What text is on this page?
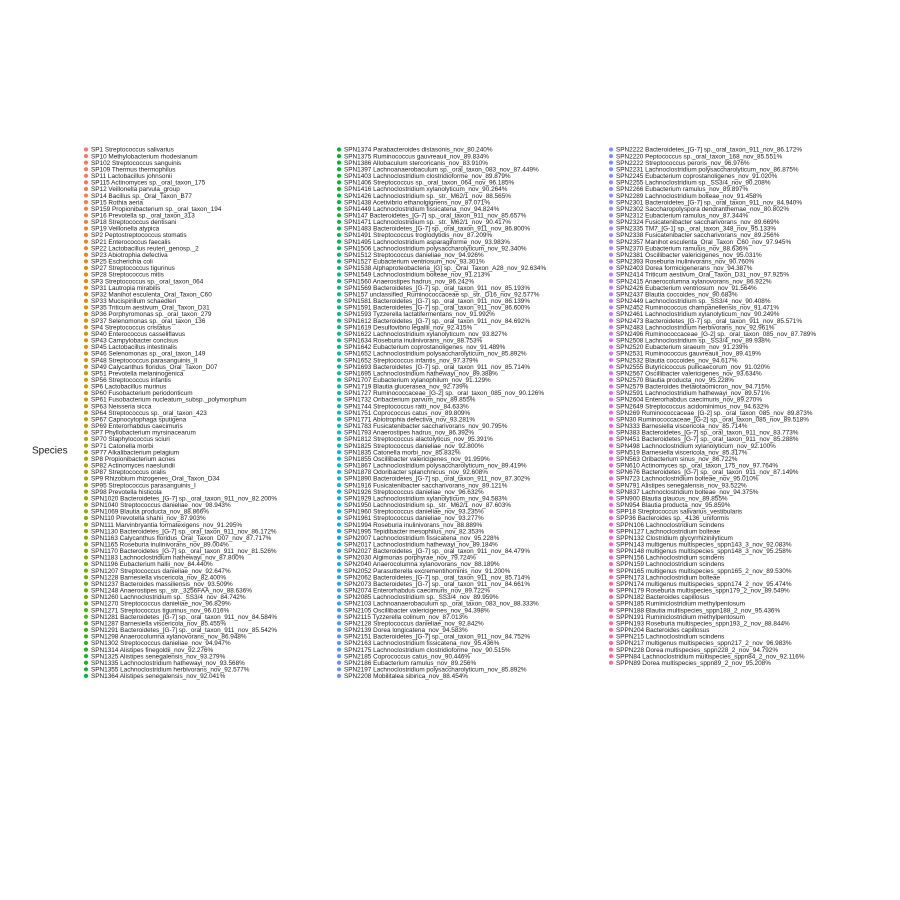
Species
SP1 Streptococcus salivarius
SP10 Methylobacterium rhodesianum
SP102 Streptococcus sanguinis
SP109 Thermus thermophilus
SP11 Lactobacillus johnsonii
SP115 Actinomyces sp._oral_taxon_175
SP12 Veillonella parvula_group
SP14 Bacillus sp._Oral_Taxon_B77
SP15 Rothia aeria
SP159 Propionibacterium sp._oral_taxon_194
SP16 Prevotella sp._oral_taxon_313
SP18 Streptococcus dentisani
SP19 Veillonella atypica
SP2 Peptostreptococcus stomatis
SP21 Enterococcus faecalis
SP22 Lactobacillus reuteri_genosp._2
SP23 Abiotrophia defectiva
SP25 Escherichia coli
SP27 Streptococcus tigurinus
SP28 Streptococcus mitis
SP3 Streptococcus sp._oral_taxon_064
SP31 Lautropia mirabilis
SP32 Manihot esculenta_Oral_Taxon_C60
SP33 Mucispirillum schaedleri
SP35 Triticum aestivum_Oral_Taxon_D31
SP36 Porphyromonas sp._oral_taxon_279
SP37 Selenomonas sp._oral_taxon_136
SP4 Streptococcus cristatus
SP40 Enterococcus casseliflavus
SP43 Campylobacter concisus
SP45 Lactobacillus intestinalis
SP46 Selenomonas sp._oral_taxon_149
SP48 Streptococcus parasanguinis_II
SP49 Calycanthus floridus_Oral_Taxon_D07
SP51 Prevotella melaninogenica
SP56 Streptococcus infantis
SP6 Lactobacillus murinus
SP60 Fusobacterium periodonticum
SP61 Fusobacterium nucleatum_subsp._polymorphum
SP63 Neisseria sicca
SP64 Streptococcus sp._oral_taxon_423
SP67 Capnocytophaga sputigena
SP69 Enterorhabdus caecimuris
SP7 Phyllobacterium myrsinacearum
SP70 Staphylococcus sciuri
SP71 Catonella morbi
SP77 Alkalibacterium pelagium
SP8 Propionibacterium acnes
SP82 Actinomyces naeslundii
SP87 Streptococcus oralis
SP9 Rhizobium rhizogenes_Oral_Taxon_D34
SP95 Streptococcus parasanguinis_I
SP98 Prevotella histicola
SPN1020 Bacteroidetes_[G-7] sp._oral_taxon_911_nov_82.200%
SPN1040 Streptococcus danieliae_nov_98.943%
SPN1069 Blautia producta_nov_88.866%
SPN110 Prevotella shahii_nov_87.903%
SPN111 Marvinbryantia formatexigens_nov_91.295%
SPN1130 Bacteroidetes_[G-7] sp._oral_taxon_911_nov_86.172%
SPN1163 Calycanthus floridus_Oral_Taxon_D07_nov_87.717%
SPN1165 Roseburia inulinivorans_nov_89.004%
SPN1170 Bacteroidetes_[G-7] sp._oral_taxon_911_nov_81.526%
SPN1183 Lachnoclostridium hathewayi_nov_87.800%
SPN1196 Eubacterium hallii_nov_84.440%
SPN1207 Streptococcus danieliae_nov_92.647%
SPN1228 Barnesiella viscericola_nov_82.400%
SPN1237 Bacteroides massiliensis_nov_93.509%
SPN1248 Anaerostipes sp._str._3256FAA_nov_88.636%
SPN1260 Lachnoclostridium sp._SS3/4_nov_84.742%
SPN1270 Streptococcus danieliae_nov_96.829%
SPN1271 Streptococcus tigurinus_nov_96.016%
SPN1281 Bacteroidetes_[G-7] sp._oral_taxon_911_nov_84.584%
SPN1287 Barnesiella viscericola_nov_85.455%
SPN1291 Bacteroidetes_[G-7] sp._oral_taxon_911_nov_85.542%
SPN1298 Anaerocolumna xylanovorans_nov_86.948%
SPN1302 Streptococcus danieliae_nov_94.947%
SPN1314 Alistipes finegoldii_nov_92.276%
SPN1325 Alistipes senegalensis_nov_93.279%
SPN1335 Lachnoclostridium hathewayi_nov_93.568%
SPN1355 Lachnoclostridium herbivorans_nov_92.577%
SPN1364 Alistipes senegalensis_nov_92.041%
SPN1374 Parabacteroides distasonis_nov_80.240%
SPN1375 Ruminococcus gauvreauii_nov_89.834%
SPN1386 Allobaculum stercoricanis_nov_83.910%
SPN1397 Lachnoanaerobaculum sp._oral_taxon_083_nov_87.449%
SPN1403 Lachnoclostridium clostridioforme_nov_89.879%
SPN1406 Streptococcus sp._oral_taxon_064_nov_96.185%
SPN1416 Lachnoclostridium xylanolyticum_nov_90.264%
SPN1426 Lachnoclostridium sp._str._M62/1_nov_88.565%
SPN1438 Acetivibrio ethanolgignens_nov_87.071%
SPN1449 Lachnoclostridium fissicatena_nov_94.824%
SPN147 Bacteroidetes_[G-7] sp._oral_taxon_911_nov_85.657%
SPN1471 Lachnoclostridium sp._str._M62/1_nov_90.417%
SPN1483 Bacteroidetes_[G-7] sp._oral_taxon_911_nov_86.800%
SPN1491 Streptococcus troglodytidis_nov_87.209%
SPN1495 Lachnoclostridium asparagiforme_nov_93.983%
SPN1506 Lachnoclostridium polysaccharolyticum_nov_92.340%
SPN1512 Streptococcus danieliae_nov_94.926%
SPN1527 Eubacterium ventriosum_nov_93.301%
SPN1538 Alphaproteobacteria_[G] sp._Oral_Taxon_A28_nov_92.634%
SPN1549 Lachnoclostridium bolteae_nov_91.213%
SPN1560 Anaerostipes hadrus_nov_86.242%
SPN1569 Bacteroidetes_[G-7] sp._oral_taxon_911_nov_85.193%
SPN157 unclassified_Ruminococcaceae sp._str._D16_nov_92.577%
SPN1581 Bacteroidetes_[G-7] sp._oral_taxon_911_nov_86.139%
SPN1591 Bacteroidetes_[G-7] sp._oral_taxon_911_nov_86.600%
SPN1593 Tyzzerella lactatifermentans_nov_91.992%
SPN1612 Bacteroidetes_[G-7] sp._oral_taxon_911_nov_84.692%
SPN1619 Desulfovibrio legallii_nov_92.415%
SPN1622 Lachnoclostridium xylanolyticum_nov_93.827%
SPN1634 Roseburia inulinivorans_nov_88.753%
SPN1642 Eubacterium coprostanoligenes_nov_91.489%
SPN1652 Lachnoclostridium polysaccharolyticum_nov_85.892%
SPN1652 Streptococcus infantis_nov_97.379%
SPN1693 Bacteroidetes_[G-7] sp._oral_taxon_911_nov_85.714%
SPN1695 Lachnoclostridium hathewayi_nov_89.388%
SPN1707 Eubacterium xylanophilum_nov_91.129%
SPN1719 Blautia glucerasea_nov_92.739%
SPN1727 Ruminococcaceae_[G-2] sp._oral_taxon_085_nov_90.126%
SPN1732 Oribacterium parvum_nov_89.855%
SPN1744 Streptococcus ratti_nov_84.633%
SPN1751 Coprococcus catus_nov_89.809%
SPN1771 Abiotrophia defectiva_nov_93.281%
SPN1783 Fusicatenibacter saccharivorans_nov_90.795%
SPN1793 Anaerostipes hadrus_nov_86.392%
SPN1812 Streptococcus alactolyticus_nov_95.391%
SPN1825 Streptococcus danieliae_nov_92.800%
SPN1835 Catonella morbi_nov_85.832%
SPN1855 Oscillibacter valericigenes_nov_91.959%
SPN1867 Lachnoclostridium polysaccharolyticum_nov_89.419%
SPN1878 Odoribacter splanchnicus_nov_92.608%
SPN1890 Bacteroidetes_[G-7] sp._oral_taxon_911_nov_87.302%
SPN1916 Fusicatenibacter saccharivorans_nov_89.121%
SPN1926 Streptococcus danieliae_nov_96.632%
SPN1929 Lachnoclostridium xylanolyticum_nov_94.583%
SPN1950 Lachnoclostridium sp._str._M62/1_nov_87.603%
SPN1960 Streptococcus danieliae_nov_93.235%
SPN1961 Streptococcus danieliae_nov_93.277%
SPN1994 Roseburia inulinivorans_nov_88.889%
SPN1995 Tepidibacter mesophilus_nov_82.353%
SPN2007 Lachnoclostridium fissicatena_nov_95.228%
SPN2017 Lachnoclostridium hathewayi_nov_89.184%
SPN2027 Bacteroidetes_[G-7] sp._oral_taxon_911_nov_84.479%
SPN2030 Algimonas porphyrae_nov_79.724%
SPN2040 Anaerocolumna xylanovorans_nov_88.189%
SPN2052 Parasutterella excrementihominis_nov_91.200%
SPN2062 Bacteroidetes_[G-7] sp._oral_taxon_911_nov_85.714%
SPN2073 Bacteroidetes_[G-7] sp._oral_taxon_911_nov_84.661%
SPN2074 Enterorhabdus caecimuris_nov_89.722%
SPN2085 Lachnoclostridium sp._SS3/4_nov_89.959%
SPN2103 Lachnoanaerobaculum sp._oral_taxon_083_nov_88.333%
SPN2105 Oscillibacter valericigenes_nov_94.398%
SPN2115 Tyzzerella colinum_nov_87.013%
SPN2128 Streptococcus danieliae_nov_92.842%
SPN2139 Dorea longicatena_nov_94.583%
SPN2151 Bacteroidetes_[G-7] sp._oral_taxon_911_nov_84.752%
SPN2163 Lachnoclostridium fissicatena_nov_95.436%
SPN2175 Lachnoclostridium clostridioforme_nov_90.515%
SPN2185 Coprococcus catus_nov_90.446%
SPN2186 Eubacterium ramulus_nov_89.256%
SPN2197 Lachnoclostridium polysaccharolyticum_nov_85.892%
SPN2208 Mobilitalea sibirica_nov_88.454%
SPN2222 Bacteroidetes_[G-7] sp._oral_taxon_911_nov_86.172%
SPN2220 Peptococcus sp._oral_taxon_168_nov_85.551%
SPN2222 Streptococcus peroris_nov_96.976%
SPN2231 Lachnoclostridium polysaccharolyticum_nov_86.875%
SPN2245 Eubacterium coprostanoligenes_nov_91.020%
SPN2255 Lachnoclostridium sp._SS3/4_nov_90.208%
SPN2266 Eubacterium ramulus_nov_89.897%
SPN2289 Lachnoclostridium bolteae_nov_91.458%
SPN2301 Bacteroidetes_[G-7] sp._oral_taxon_911_nov_84.940%
SPN2302 Saccharopolyspora dendranthemae_nov_80.802%
SPN2312 Eubacterium ramulus_nov_87.344%
SPN2324 Fusicatenibacter saccharivorans_nov_89.669%
SPN2335 TM7_[G-1] sp._oral_taxon_348_nov_95.133%
SPN2338 Fusicatenibacter saccharivorans_nov_89.256%
SPN2357 Manihot esculenta_Oral_Taxon_C60_nov_97.945%
SPN2370 Eubacterium ramulus_nov_88.636%
SPN2381 Oscillibacter valericigenes_nov_95.031%
SPN2393 Roseburia inulinivorans_nov_90.760%
SPN2403 Dorea formicigenerans_nov_94.387%
SPN2414 Triticum aestivum_Oral_Taxon_D31_nov_97.925%
SPN2415 Anaerocolumna xylanovorans_nov_86.922%
SPN2426 Eubacterium ventriosum_nov_91.564%
SPN2437 Blautia coccoides_nov_90.683%
SPN2449 Lachnoclostridium sp._SS3/4_nov_90.408%
SPN2452 Ruminococcus champanellensis_nov_91.471%
SPN2461 Lachnoclostridium xylanolyticum_nov_90.249%
SPN2473 Bacteroidetes_[G-7] sp._oral_taxon_911_nov_85.571%
SPN2483 Lachnoclostridium herbivorans_nov_92.961%
SPN2496 Ruminococcaceae_[G-2] sp._oral_taxon_085_nov_87.789%
SPN2508 Lachnoclostridium sp._SS3/4_nov_89.938%
SPN2520 Eubacterium siraeum_nov_91.239%
SPN2531 Ruminococcus gauvreauii_nov_89.419%
SPN2532 Blautia coccoides_nov_94.617%
SPN2555 Butyricicoccus pullicaecorum_nov_91.020%
SPN2567 Oscillibacter valericigenes_nov_93.634%
SPN2570 Blautia producta_nov_95.228%
SPN2579 Bacteroides thetaiotaomicron_nov_94.715%
SPN2591 Lachnoclostridium hathewayi_nov_89.571%
SPN2604 Enterorhabdus caecimuris_nov_89.270%
SPN2649 Streptococcus acidominimus_nov_94.632%
SPN269 Ruminococcaceae_[G-2] sp._oral_taxon_085_nov_89.873%
SPN30 Ruminococcaceae_[G-2] sp._oral_taxon_085_nov_89.518%
SPN333 Barnesiella viscericola_nov_85.714%
SPN383 Bacteroidetes_[G-7] sp._oral_taxon_911_nov_83.773%
SPN451 Bacteroidetes_[G-7] sp._oral_taxon_911_nov_85.288%
SPN498 Lachnoclostridium xylanolyticum_nov_92.100%
SPN519 Barnesiella viscericola_nov_85.317%
SPN563 Oribacterium sinus_nov_86.722%
SPN610 Actinomyces sp._oral_taxon_175_nov_97.764%
SPN676 Bacteroidetes_[G-7] sp._oral_taxon_911_nov_87.149%
SPN723 Lachnoclostridium bolteae_nov_95.010%
SPN791 Alistipes senegalensis_nov_93.522%
SPN837 Lachnoclostridium bolteae_nov_94.375%
SPN900 Blautia glaucus_nov_89.855%
SPN954 Blautia producta_nov_95.859%
SPP18 Streptococcus salivarius_vestibularis
SPP36 Bacteroides sp._4136_uniformis
SPPN106 Lachnoclostridium scindens
SPPN127 Lachnoclostridium bolteae
SPPN132 Clostridium glycyrrhizinilyticum
SPPN143 multigenus multispecies_sppn143_3_nov_92.083%
SPPN148 multigenus multispecies_sppn148_3_nov_95.258%
SPPN156 Lachnoclostridium scindens
SPPN159 Lachnoclostridium scindens
SPPN165 multigenus multispecies_sppn165_2_nov_89.530%
SPPN173 Lachnoclostridium bolteae
SPPN174 multigenus multispecies_sppn174_2_nov_95.474%
SPPN179 Roseburia multispecies_sppn179_2_nov_89.549%
SPPN182 Bacteroides capillosus
SPPN185 Ruminiclostridium methylpentosum
SPPN188 Blautia multispecies_sppn188_2_nov_95.436%
SPPN191 Ruminiclostridium methylpentosum
SPPN193 Roseburia multispecies_sppn193_2_nov_88.844%
SPPN204 Bacteroides capillosus
SPPN215 Lachnoclostridium scindens
SPPN217 multigenus multispecies_sppn217_2_nov_96.983%
SPPN228 Dorea multispecies_sppn228_2_nov_94.792%
SPPN84 Lachnoclostridium multispecies_sppn84_2_nov_92.116%
SPPN89 Dorea multispecies_sppn89_2_nov_95.208%
